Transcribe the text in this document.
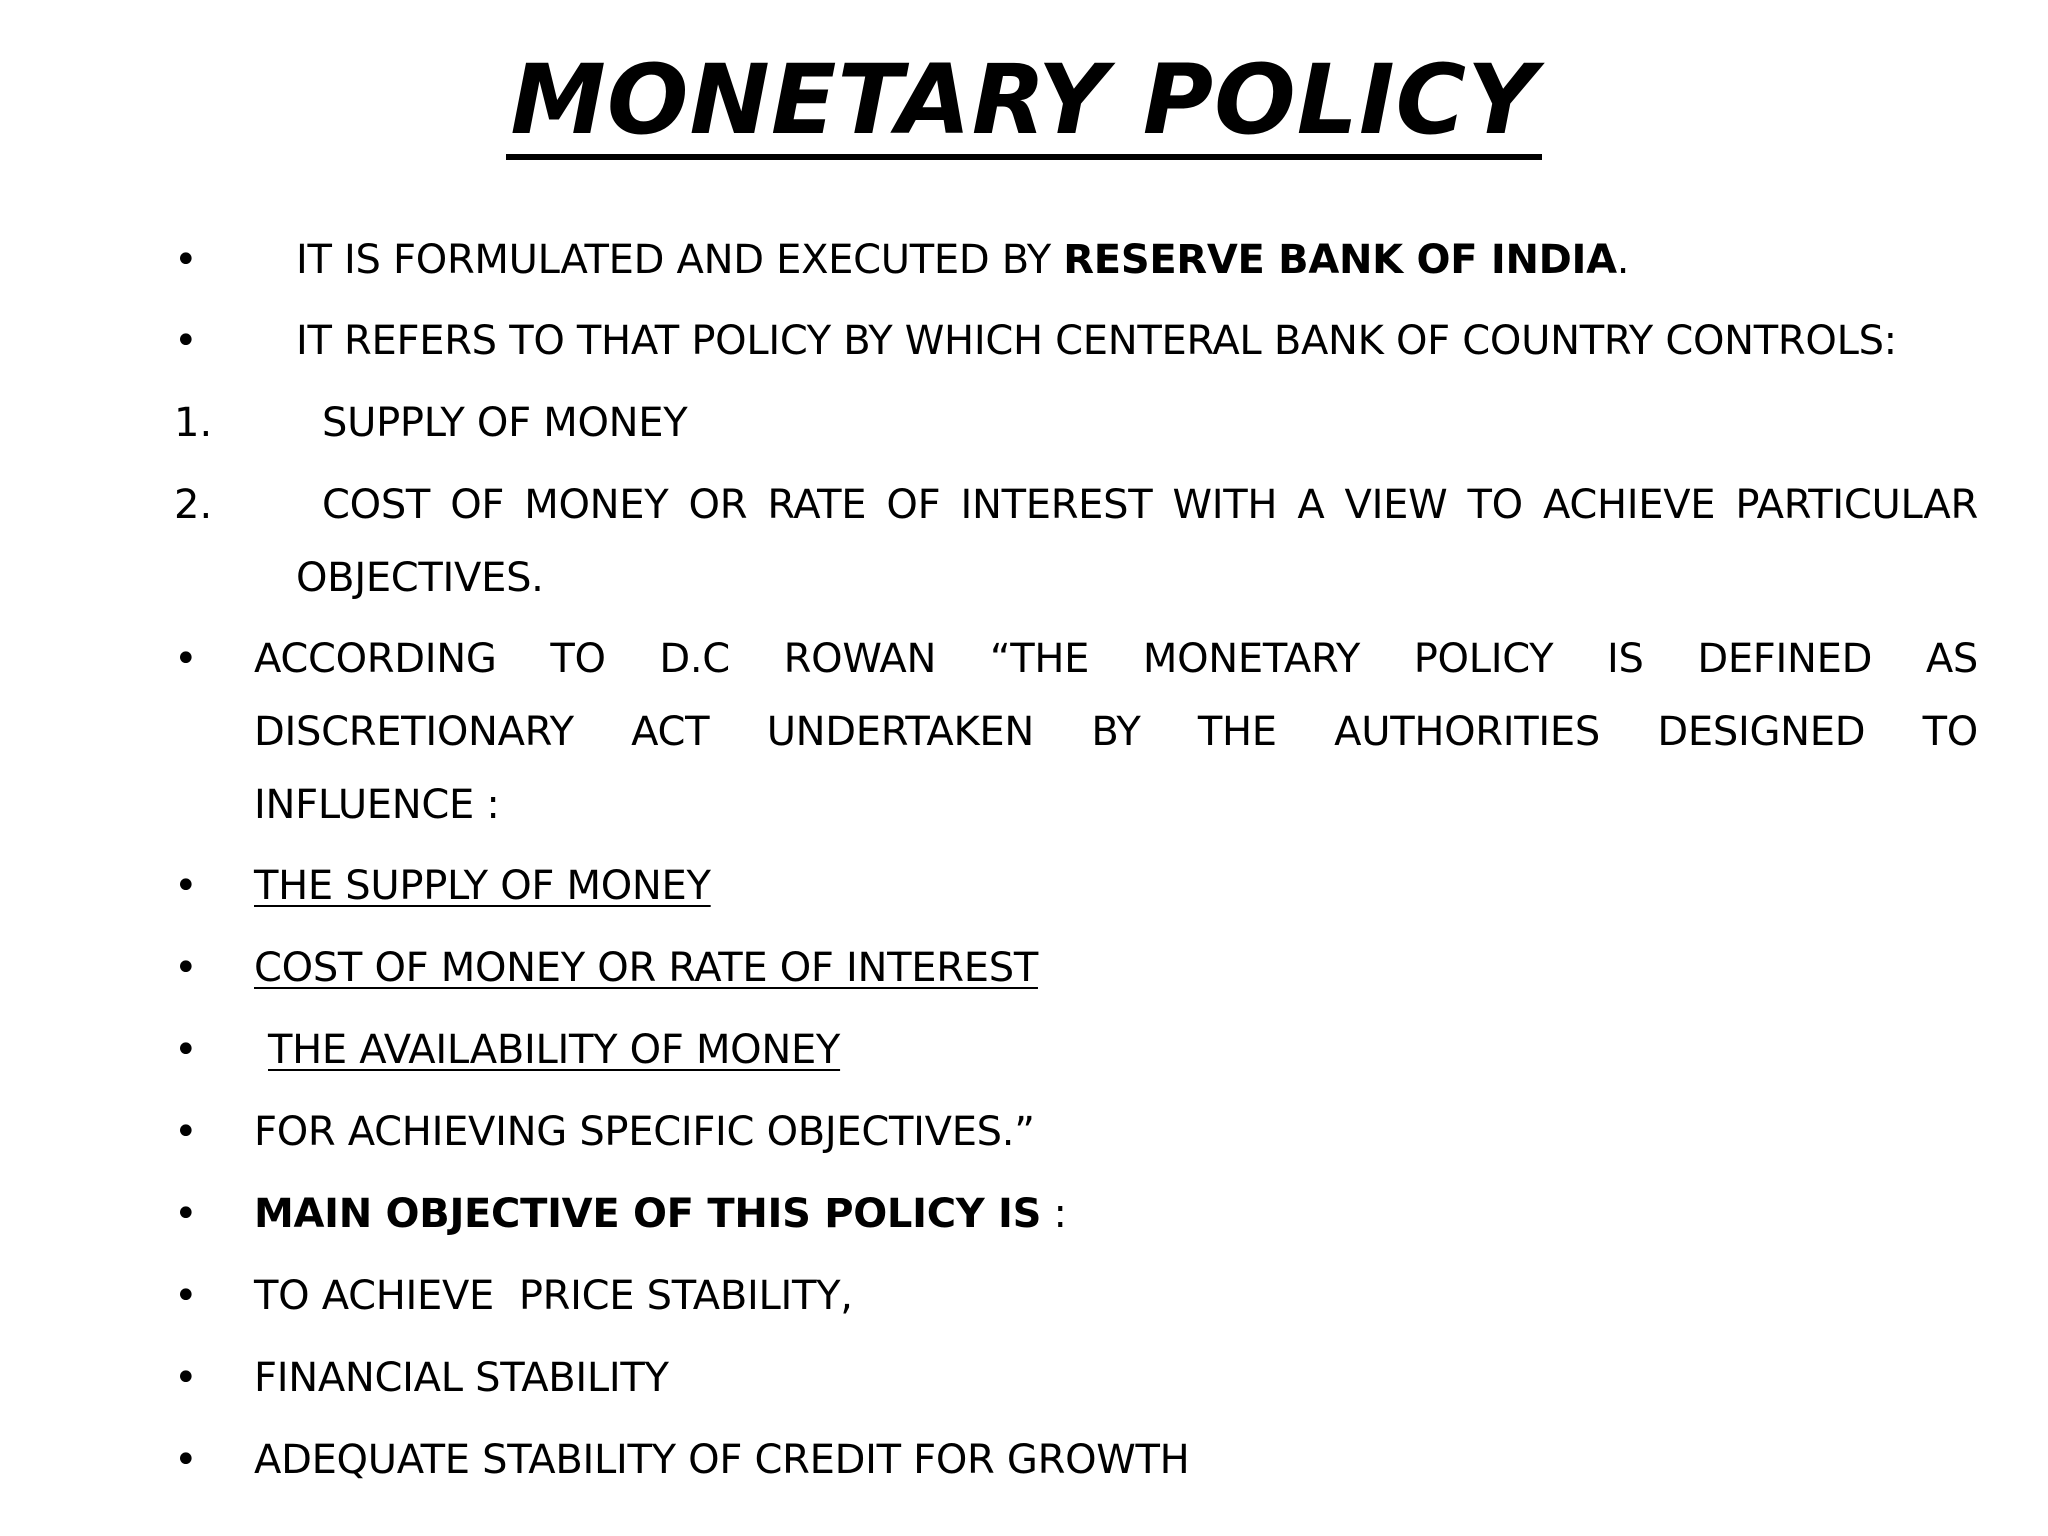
MONETARY POLICY
• IT IS FORMULATED AND EXECUTED BY RESERVE BANK OF INDIA.
• IT REFERS TO THAT POLICY BY WHICH CENTERAL BANK OF COUNTRY CONTROLS:
1.	SUPPLY OF MONEY
2.	COST OF MONEY OR RATE OF INTEREST WITH A VIEW TO ACHIEVE PARTICULAR
OBJECTIVES.
• ACCORDING TO D.C ROWAN “THE MONETARY POLICY IS DEFINED AS
DISCRETIONARY ACT UNDERTAKEN BY THE AUTHORITIES DESIGNED TO
INFLUENCE :
• THE SUPPLY OF MONEY
• COST OF MONEY OR RATE OF INTEREST
• THE AVAILABILITY OF MONEY
• FOR ACHIEVING SPECIFIC OBJECTIVES.”
• MAIN OBJECTIVE OF THIS POLICY IS :
• TO ACHIEVE  PRICE STABILITY,
• FINANCIAL STABILITY
• ADEQUATE STABILITY OF CREDIT FOR GROWTH
